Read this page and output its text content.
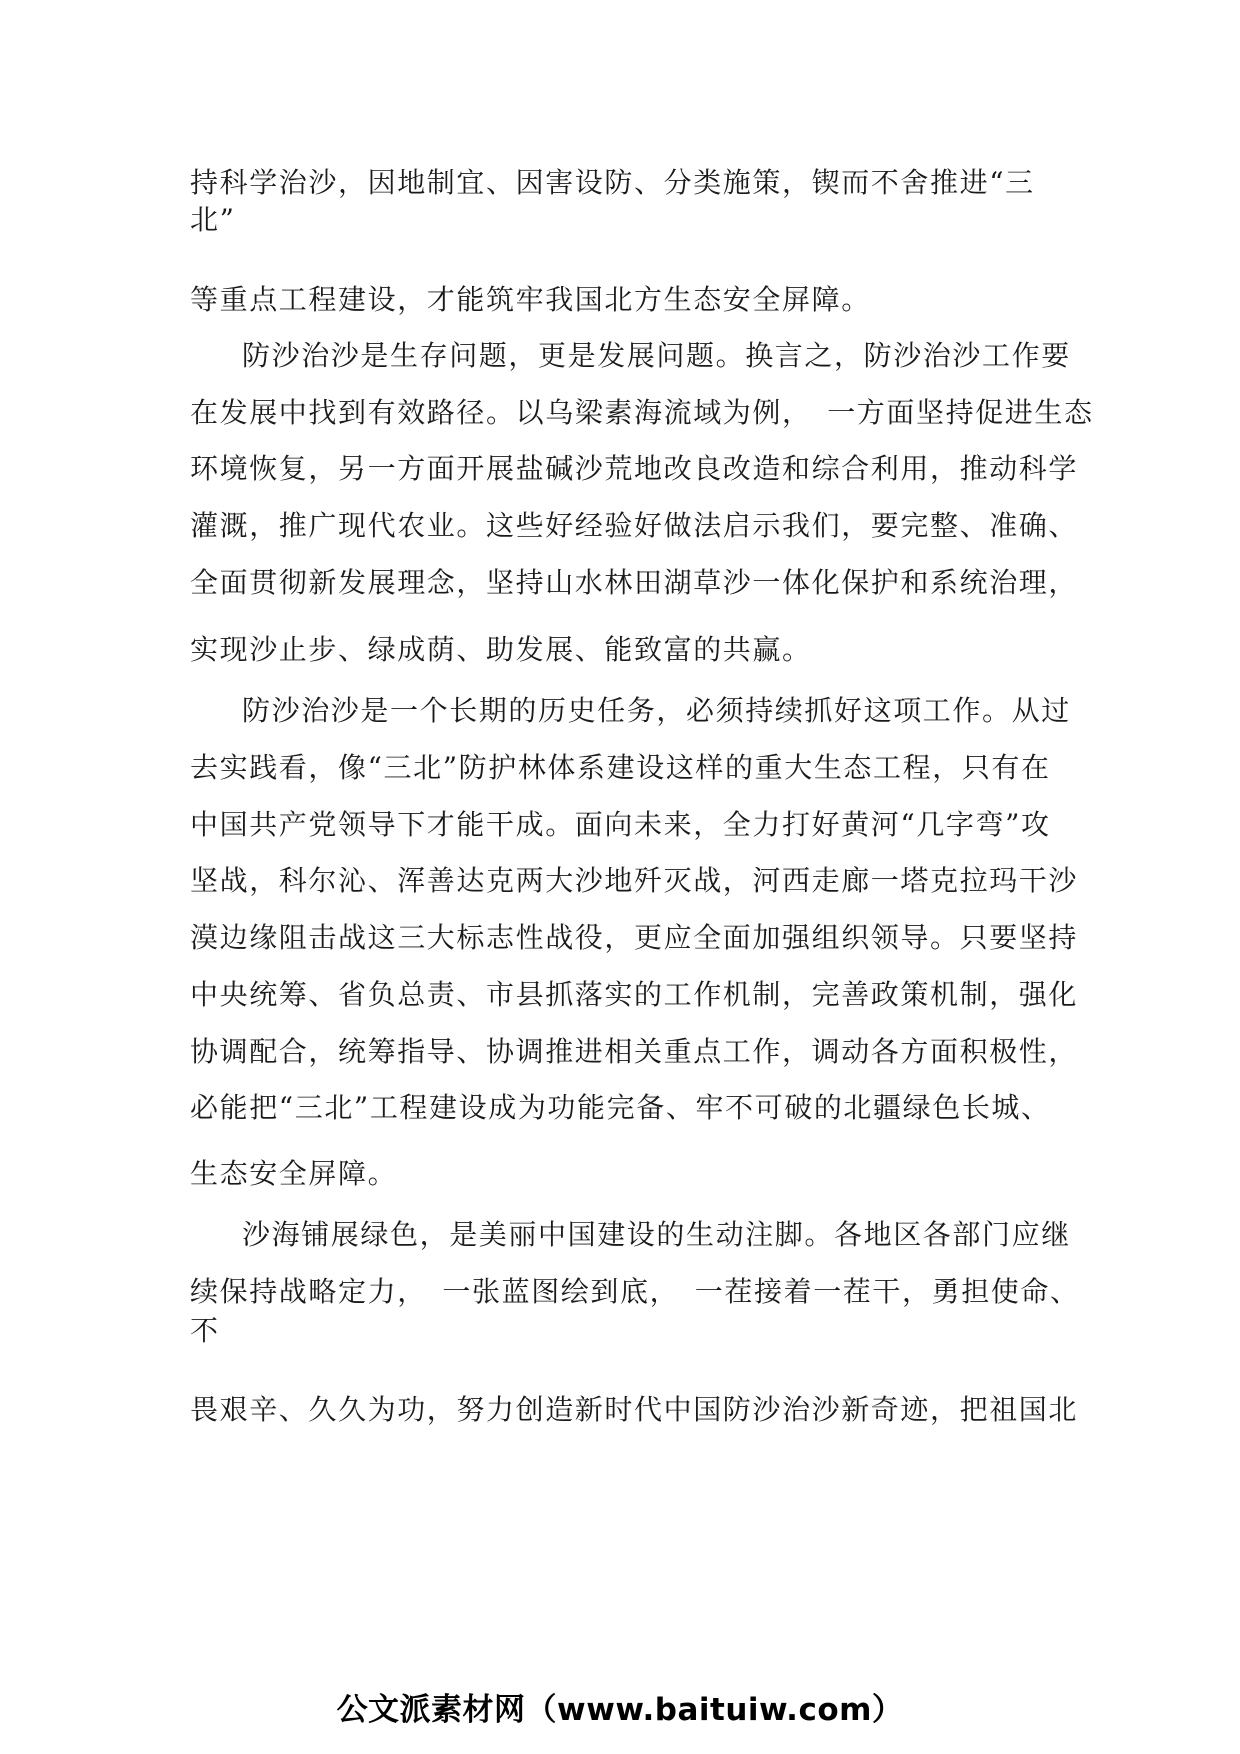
持科学治沙，因地制宜、因害设防、分类施策，锲而不舍推进“三

北”

等重点工程建设，才能筑牢我国北方生态安全屏障。

防沙治沙是生存问题，更是发展问题。换言之，防沙治沙工作要

在发展中找到有效路径。以乌梁素海流域为例，　一方面坚持促进生态

环境恢复，另一方面开展盐碱沙荒地改良改造和综合利用，推动科学

灌溉，推广现代农业。这些好经验好做法启示我们，要完整、准确、

全面贯彻新发展理念，坚持山水林田湖草沙一体化保护和系统治理，

实现沙止步、绿成荫、助发展、能致富的共赢。

防沙治沙是一个长期的历史任务，必须持续抓好这项工作。从过

去实践看，像“三北”防护林体系建设这样的重大生态工程，只有在

中国共产党领导下才能干成。面向未来，全力打好黄河“几字弯”攻

坚战，科尔沁、浑善达克两大沙地歼灭战，河西走廊一塔克拉玛干沙

漠边缘阻击战这三大标志性战役，更应全面加强组织领导。只要坚持

中央统筹、省负总责、市县抓落实的工作机制，完善政策机制，强化

协调配合，统筹指导、协调推进相关重点工作，调动各方面积极性，

必能把“三北”工程建设成为功能完备、牢不可破的北疆绿色长城、

生态安全屏障。

沙海铺展绿色，是美丽中国建设的生动注脚。各地区各部门应继

续保持战略定力，　一张蓝图绘到底，　一茬接着一茬干，勇担使命、

不

畏艰辛、久久为功，努力创造新时代中国防沙治沙新奇迹，把祖国北

公文派素材网（www.baituiw.com）
